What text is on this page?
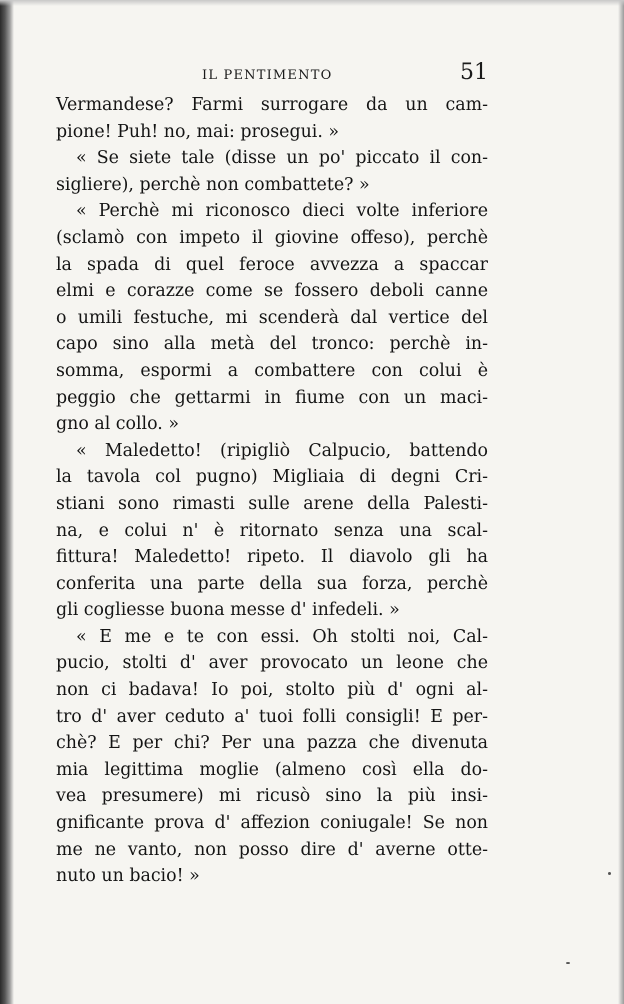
IL PENTIMENTO	51
Vermandese? Farmi surrogare da un cam-
pione! Puh! no, mai: prosegui. »
« Se siete tale (disse un po' piccato il con-
sigliere), perchè non combattete? »
« Perchè mi riconosco dieci volte inferiore
(sclamò con impeto il giovine offeso), perchè
la spada di quel feroce avvezza a spaccar
elmi e corazze come se fossero deboli canne
o umili festuche, mi scenderà dal vertice del
capo sino alla metà del tronco: perchè in-
somma, espormi a combattere con colui è
peggio che gettarmi in fiume con un maci-
gno al collo. »
« Maledetto! (ripigliò Calpucio, battendo
la tavola col pugno) Migliaia di degni Cri-
stiani sono rimasti sulle arene della Palesti-
na, e colui n' è ritornato senza una scal-
fittura! Maledetto! ripeto. Il diavolo gli ha
conferita una parte della sua forza, perchè
gli cogliesse buona messe d' infedeli. »
« E me e te con essi. Oh stolti noi, Cal-
pucio, stolti d' aver provocato un leone che
non ci badava! Io poi, stolto più d' ogni al-
tro d' aver ceduto a' tuoi folli consigli! E per-
chè? E per chi? Per una pazza che divenuta
mia legittima moglie (almeno così ella do-
vea presumere) mi ricusò sino la più insi-
gnificante prova d' affezion coniugale! Se non
me ne vanto, non posso dire d' averne otte-
nuto un bacio! »
